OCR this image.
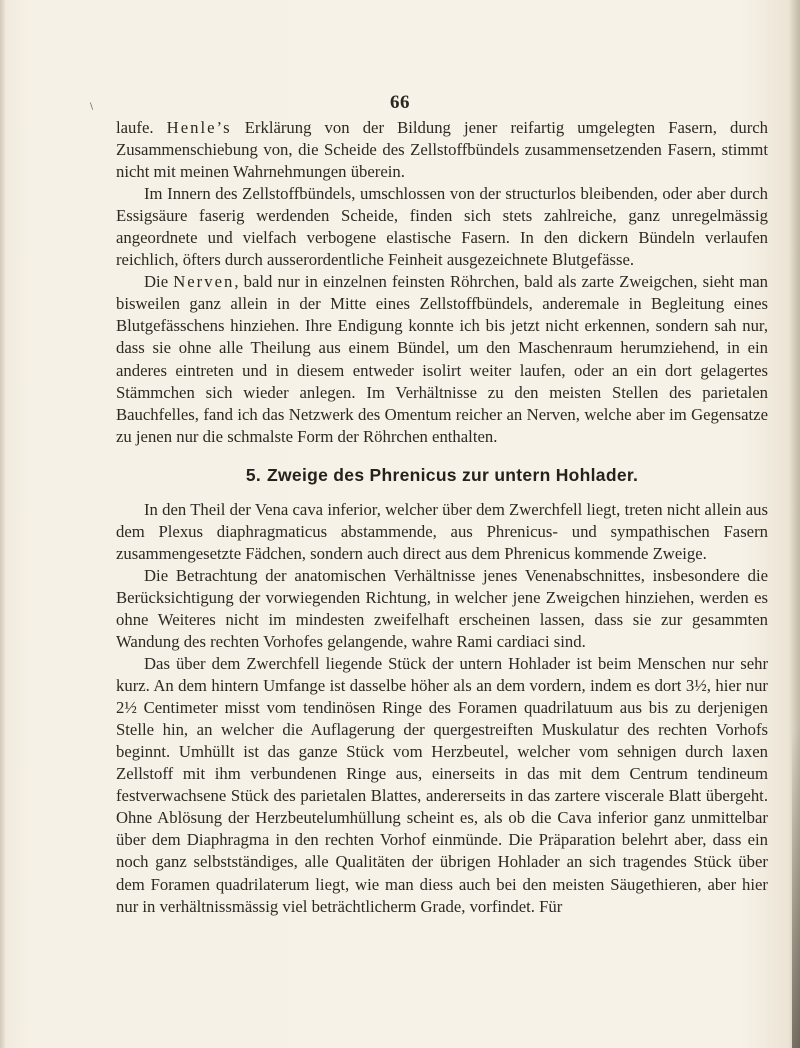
\	66

laufe. Henle’s Erklärung von der Bildung jener reifartig umgelegten Fasern, durch Zusammenschiebung von, die Scheide des Zellstoffbündels zusammensetzenden Fasern, stimmt nicht mit meinen Wahrnehmungen überein.

Im Innern des Zellstoffbündels, umschlossen von der structurlos bleibenden, oder aber durch Essigsäure faserig werdenden Scheide, finden sich stets zahlreiche, ganz unregelmässig angeordnete und vielfach verbogene elastische Fasern. In den dickern Bündeln verlaufen reichlich, öfters durch ausserordentliche Feinheit ausgezeichnete Blutgefässe.

Die Nerven, bald nur in einzelnen feinsten Röhrchen, bald als zarte Zweigchen, sieht man bisweilen ganz allein in der Mitte eines Zellstoffbündels, anderemale in Begleitung eines Blutgefässchens hinziehen. Ihre Endigung konnte ich bis jetzt nicht erkennen, sondern sah nur, dass sie ohne alle Theilung aus einem Bündel, um den Maschenraum herumziehend, in ein anderes eintreten und in diesem entweder isolirt weiter laufen, oder an ein dort gelagertes Stämmchen sich wieder anlegen. Im Verhältnisse zu den meisten Stellen des parietalen Bauchfelles, fand ich das Netzwerk des Omentum reicher an Nerven, welche aber im Gegensatze zu jenen nur die schmalste Form der Röhrchen enthalten.

5. Zweige des Phrenicus zur untern Hohlader.

In den Theil der Vena cava inferior, welcher über dem Zwerchfell liegt, treten nicht allein aus dem Plexus diaphragmaticus abstammende, aus Phrenicus- und sympathischen Fasern zusammengesetzte Fädchen, sondern auch direct aus dem Phrenicus kommende Zweige.

Die Betrachtung der anatomischen Verhältnisse jenes Venenabschnittes, insbesondere die Berücksichtigung der vorwiegenden Richtung, in welcher jene Zweigchen hinziehen, werden es ohne Weiteres nicht im mindesten zweifelhaft erscheinen lassen, dass sie zur gesammten Wandung des rechten Vorhofes gelangende, wahre Rami cardiaci sind.

Das über dem Zwerchfell liegende Stück der untern Hohlader ist beim Menschen nur sehr kurz. An dem hintern Umfange ist dasselbe höher als an dem vordern, indem es dort 3½, hier nur 2½ Centimeter misst vom tendinösen Ringe des Foramen quadrilatuum aus bis zu derjenigen Stelle hin, an welcher die Auflagerung der quergestreiften Muskulatur des rechten Vorhofs beginnt. Umhüllt ist das ganze Stück vom Herzbeutel, welcher vom sehnigen durch laxen Zellstoff mit ihm verbundenen Ringe aus, einerseits in das mit dem Centrum tendineum festverwachsene Stück des parietalen Blattes, andererseits in das zartere viscerale Blatt übergeht. Ohne Ablösung der Herzbeutelumhüllung scheint es, als ob die Cava inferior ganz unmittelbar über dem Diaphragma in den rechten Vorhof einmünde. Die Präparation belehrt aber, dass ein noch ganz selbstständiges, alle Qualitäten der übrigen Hohlader an sich tragendes Stück über dem Foramen quadrilaterum liegt, wie man diess auch bei den meisten Säugethieren, aber hier nur in verhältnissmässig viel beträchtlicherm Grade, vorfindet. Für
